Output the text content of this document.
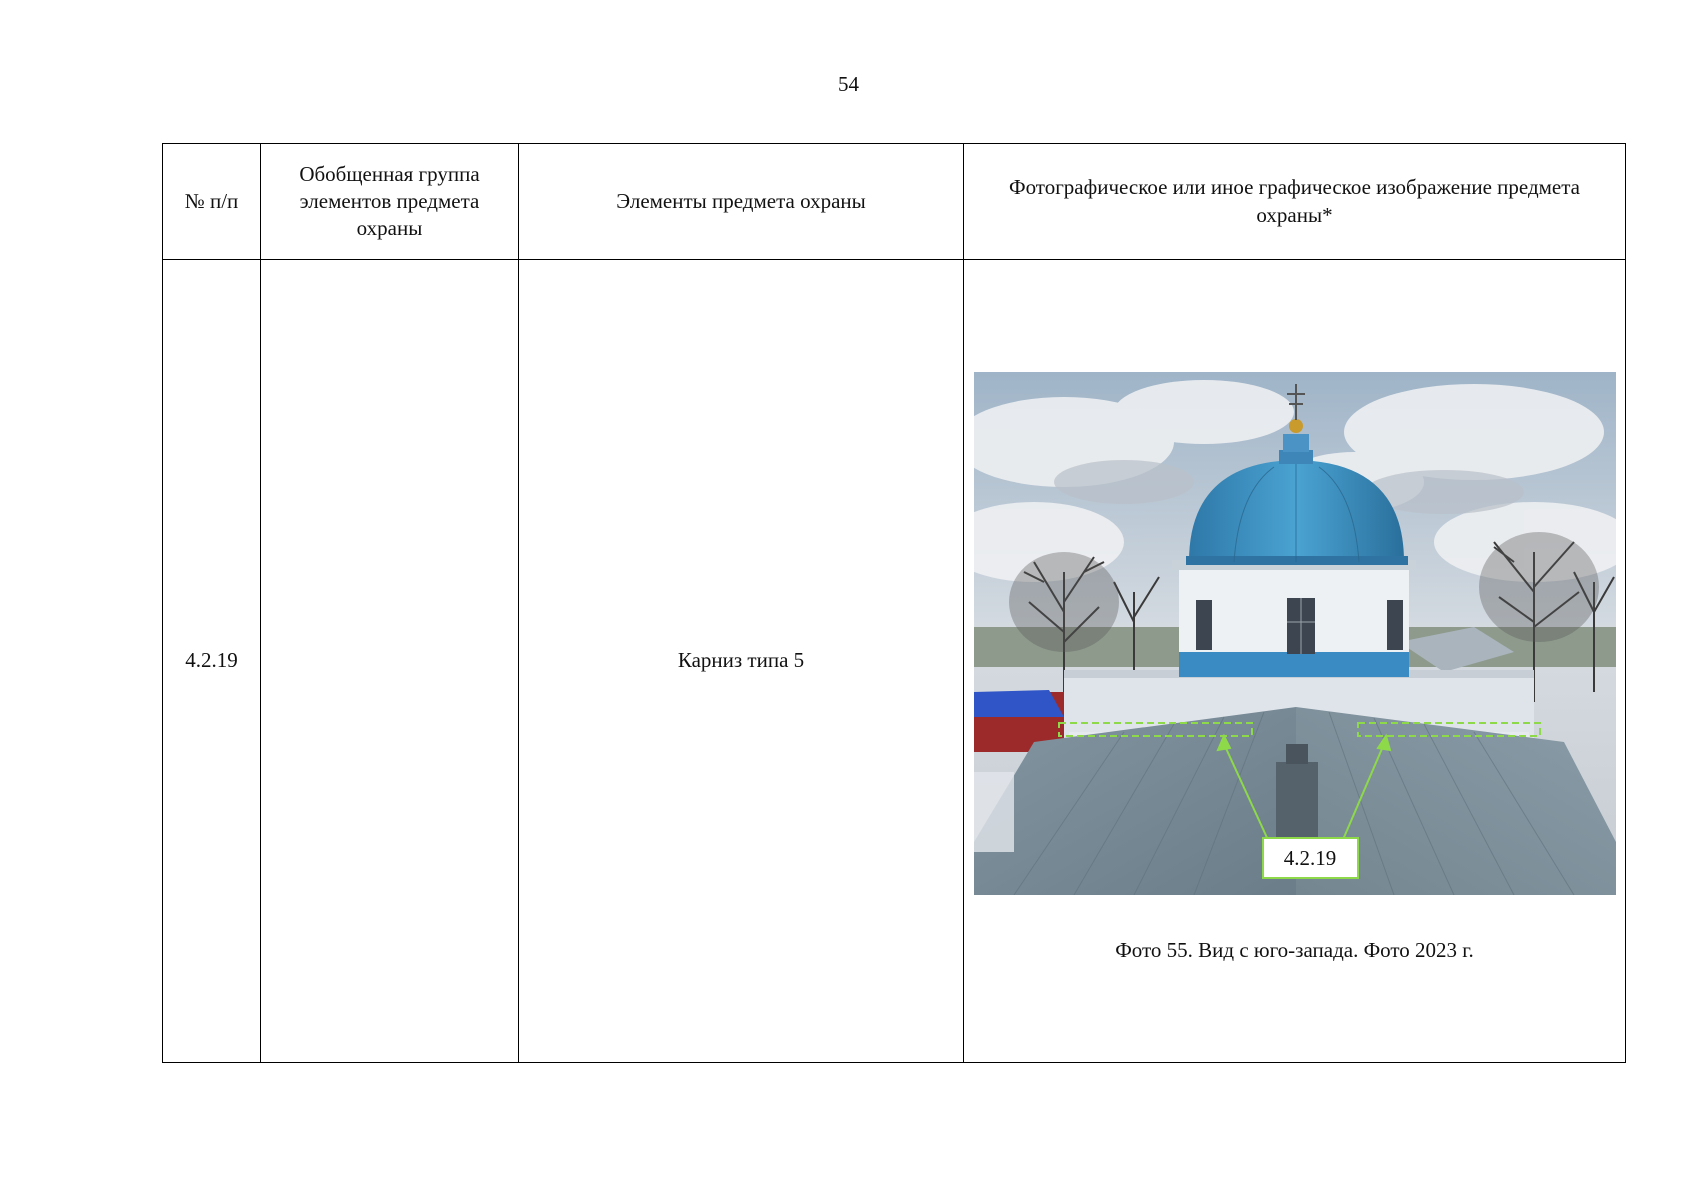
54
№ п/п	Обобщенная группа элементов предмета охраны	Элементы предмета охраны	Фотографическое или иное графическое изображение предмета охраны*
4.2.19		Карниз типа 5	4.2.19
Фото 55. Вид с юго-запада. Фото 2023 г.
